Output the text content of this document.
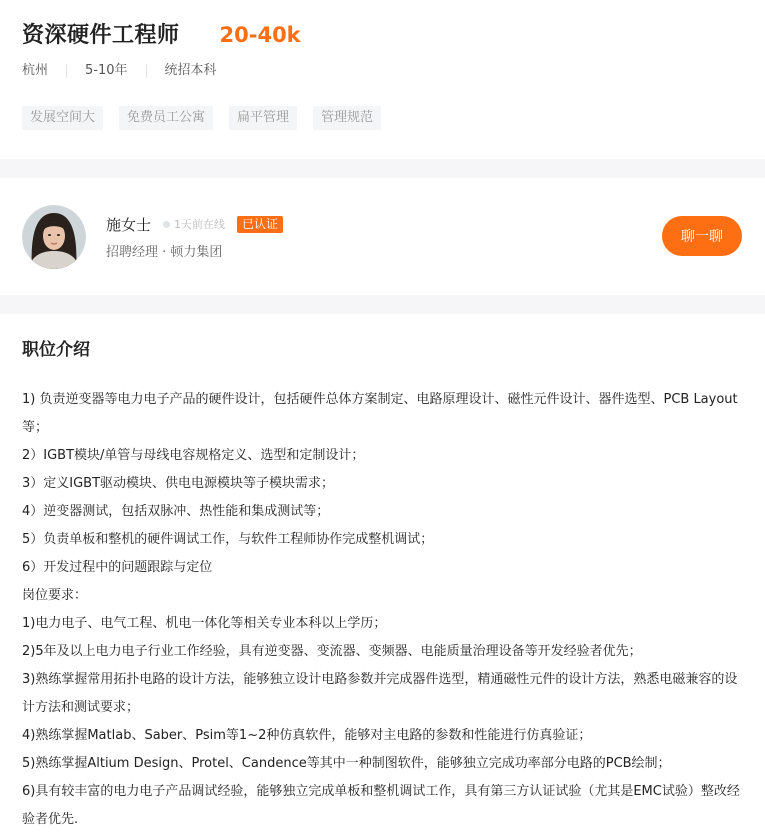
资深硬件工程师 20-40k
杭州	5-10年	统招本科
发展空间大	免费员工公寓	扁平管理	管理规范
施女士 1天前在线	已认证
招聘经理 · 顿力集团
聊一聊
职位介绍
1) 负责逆变器等电力电子产品的硬件设计，包括硬件总体方案制定、电路原理设计、磁性元件设计、器件选型、PCB Layout等；
2）IGBT模块/单管与母线电容规格定义、选型和定制设计；
3）定义IGBT驱动模块、供电电源模块等子模块需求；
4）逆变器测试，包括双脉冲、热性能和集成测试等；
5）负责单板和整机的硬件调试工作，与软件工程师协作完成整机调试；
6）开发过程中的问题跟踪与定位
岗位要求：
1)电力电子、电气工程、机电一体化等相关专业本科以上学历；
2)5年及以上电力电子行业工作经验，具有逆变器、变流器、变频器、电能质量治理设备等开发经验者优先；
3)熟练掌握常用拓扑电路的设计方法，能够独立设计电路参数并完成器件选型，精通磁性元件的设计方法，熟悉电磁兼容的设计方法和测试要求；
4)熟练掌握Matlab、Saber、Psim等1~2种仿真软件，能够对主电路的参数和性能进行仿真验证；
5)熟练掌握Altium Design、Protel、Candence等其中一种制图软件，能够独立完成功率部分电路的PCB绘制；
6)具有较丰富的电力电子产品调试经验，能够独立完成单板和整机调试工作，具有第三方认证试验（尤其是EMC试验）整改经验者优先.
